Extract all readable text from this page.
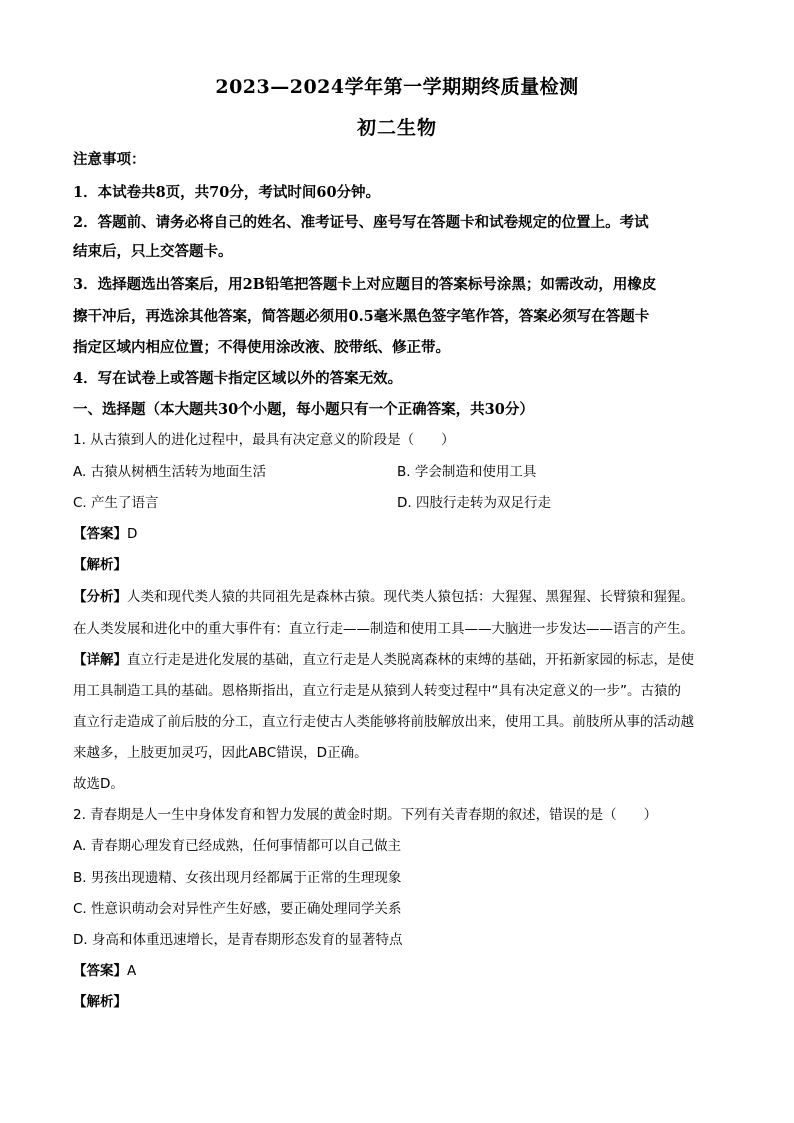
2023—2024学年第一学期期终质量检测
初二生物
注意事项：
1．本试卷共8页，共70分，考试时间60分钟。
2．答题前、请务必将自己的姓名、准考证号、座号写在答题卡和试卷规定的位置上。考试
结束后，只上交答题卡。
3．选择题选出答案后，用2B铅笔把答题卡上对应题目的答案标号涂黑；如需改动，用橡皮
擦干冲后，再选涂其他答案，简答题必须用0.5毫米黑色签字笔作答，答案必须写在答题卡
指定区域内相应位置；不得使用涂改液、胶带纸、修正带。
4．写在试卷上或答题卡指定区域以外的答案无效。
一、选择题（本大题共30个小题，每小题只有一个正确答案，共30分）
1. 从古猿到人的进化过程中，最具有决定意义的阶段是（　　）
A. 古猿从树栖生活转为地面生活	B. 学会制造和使用工具
C. 产生了语言	D. 四肢行走转为双足行走
【答案】D
【解析】
【分析】人类和现代类人猿的共同祖先是森林古猿。现代类人猿包括：大猩猩、黑猩猩、长臂猿和猩猩。
在人类发展和进化中的重大事件有：直立行走——制造和使用工具——大脑进一步发达——语言的产生。
【详解】直立行走是进化发展的基础，直立行走是人类脱离森林的束缚的基础，开拓新家园的标志，是使
用工具制造工具的基础。恩格斯指出，直立行走是从猿到人转变过程中“具有决定意义的一步”。古猿的
直立行走造成了前后肢的分工，直立行走使古人类能够将前肢解放出来，使用工具。前肢所从事的活动越
来越多，上肢更加灵巧，因此ABC错误，D正确。
故选D。
2. 青春期是人一生中身体发育和智力发展的黄金时期。下列有关青春期的叙述，错误的是（　　）
A. 青春期心理发育已经成熟，任何事情都可以自己做主
B. 男孩出现遗精、女孩出现月经都属于正常的生理现象
C. 性意识萌动会对异性产生好感，要正确处理同学关系
D. 身高和体重迅速增长，是青春期形态发育的显著特点
【答案】A
【解析】
